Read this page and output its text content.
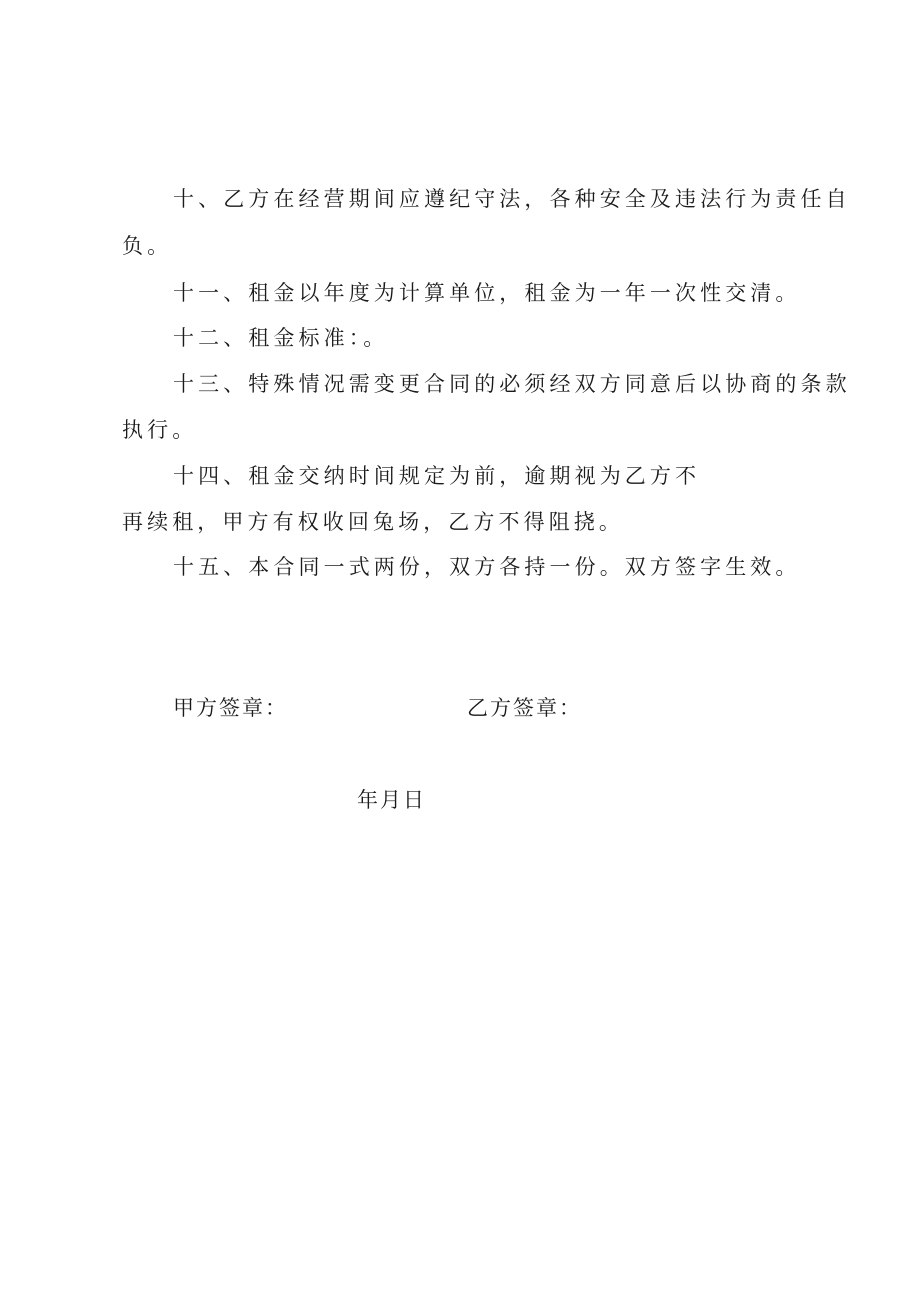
十、乙方在经营期间应遵纪守法，各种安全及违法行为责任自
负。
十一、租金以年度为计算单位，租金为一年一次性交清。
十二、租金标准：。
十三、特殊情况需变更合同的必须经双方同意后以协商的条款
执行。
十四、租金交纳时间规定为前，逾期视为乙方不
再续租，甲方有权收回兔场，乙方不得阻挠。
十五、本合同一式两份，双方各持一份。双方签字生效。
甲方签章：	乙方签章：
年月日
